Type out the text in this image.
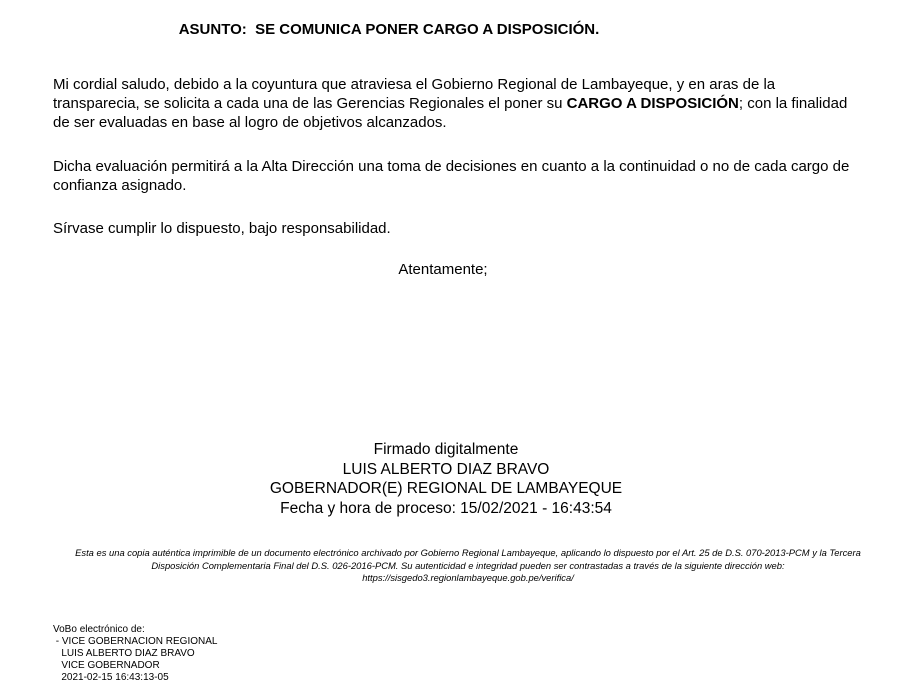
ASUNTO:  SE COMUNICA PONER CARGO A DISPOSICIÓN.

Mi cordial saludo, debido a la coyuntura que atraviesa el Gobierno Regional de Lambayeque, y en aras de la transparecia, se solicita a cada una de las Gerencias Regionales el poner su CARGO A DISPOSICIÓN; con la finalidad de ser evaluadas en base al logro de objetivos alcanzados.

Dicha evaluación permitirá a la Alta Dirección una toma de decisiones en cuanto a la continuidad o no de cada cargo de confianza asignado.

Sírvase cumplir lo dispuesto, bajo responsabilidad.

Atentamente;
Firmado digitalmente
LUIS ALBERTO DIAZ BRAVO
GOBERNADOR(E) REGIONAL DE LAMBAYEQUE
Fecha y hora de proceso: 15/02/2021 - 16:43:54
Esta es una copia auténtica imprimible de un documento electrónico archivado por Gobierno Regional Lambayeque, aplicando lo dispuesto por el Art. 25 de D.S. 070-2013-PCM y la Tercera Disposición Complementaria Final del D.S. 026-2016-PCM. Su autenticidad e integridad pueden ser contrastadas a través de la siguiente dirección web: https://sisgedo3.regionlambayeque.gob.pe/verifica/
VoBo electrónico de:
- VICE GOBERNACION REGIONAL
LUIS ALBERTO DIAZ BRAVO
VICE GOBERNADOR
2021-02-15 16:43:13-05
